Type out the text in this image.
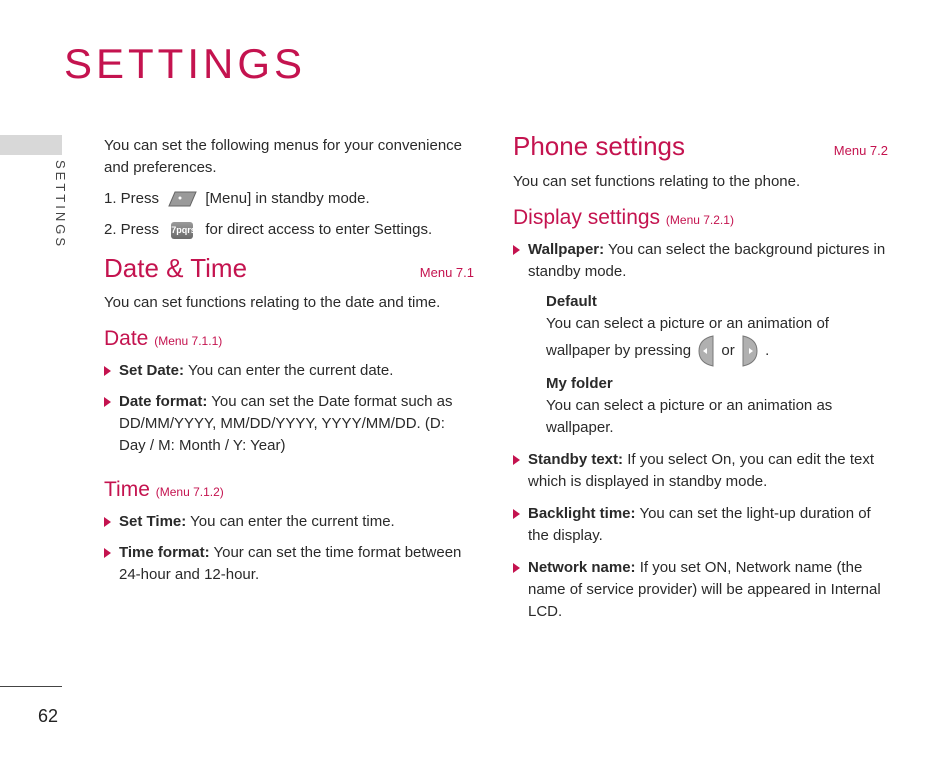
SETTINGS
SETTINGS
62

You can set the following menus for your convenience and preferences.

1. Press	[Menu] in standby mode.

2. Press 7pqrs for direct access to enter Settings.

Date & Time	Menu 7.1

You can set functions relating to the date and time.

Date (Menu 7.1.1)

Set Date: You can enter the current date.

Date format: You can set the Date format such as DD/MM/YYYY, MM/DD/YYYY, YYYY/MM/DD. (D: Day / M: Month / Y: Year)

Time (Menu 7.1.2)

Set Time: You can enter the current time.

Time format: Your can set the time format between 24-hour and 12-hour.

Phone settings	Menu 7.2

You can set functions relating to the phone.

Display settings (Menu 7.2.1)

Wallpaper: You can select the background pictures in standby mode.

Default

You can select a picture or an animation of wallpaper by pressing or .

My folder

You can select a picture or an animation as wallpaper.

Standby text: If you select On, you can edit the text which is displayed in standby mode.

Backlight time: You can set the light-up duration of the display.

Network name: If you set ON, Network name (the name of service provider) will be appeared in Internal LCD.
